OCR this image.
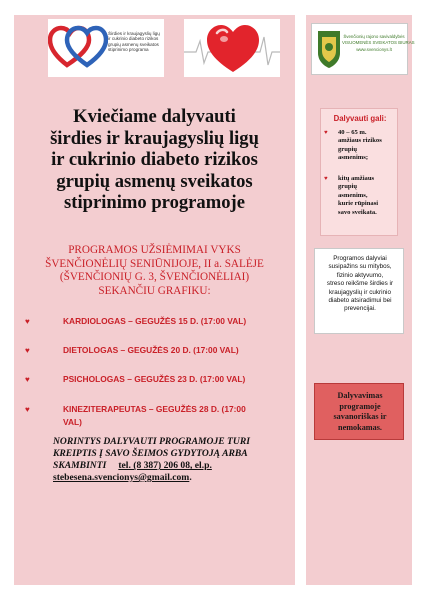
Širdies ir kraujagyslių ligų
ir cukrinio diabeto rizikos
grupių asmenų sveikatos
stiprinimo programa
Švenčionių rajono savivaldybės
VISUOMENĖS SVEIKATOS BIURAS
www.svencionys.lt
Kviečiame dalyvauti
širdies ir kraujagyslių ligų
ir cukrinio diabeto rizikos
grupių asmenų sveikatos
stiprinimo programoje
PROGRAMOS UŽSIĖMIMAI VYKS
ŠVENČIONĖLIŲ SENIŪNIJOJE, II a. SALĖJE
(ŠVENČIONIŲ G. 3, ŠVENČIONĖLIAI)
SEKANČIU GRAFIKU:
♥	KARDIOLOGAS – GEGUŽĖS 15 D. (17:00 VAL)
♥	DIETOLOGAS – GEGUŽĖS 20 D. (17:00 VAL)
♥	PSICHOLOGAS – GEGUŽĖS 23 D. (17:00 VAL)
♥	KINEZITERAPEUTAS – GEGUŽĖS 28 D. (17:00
VAL)
NORINTYS DALYVAUTI PROGRAMOJE TURI
KREIPTIS Į SAVO ŠEIMOS GYDYTOJĄ ARBA
SKAMBINTI tel. (8 387) 206 08, el.p.
stebesena.svencionys@gmail.com.
Dalyvauti gali:
♥ 40 – 65 m.
amžiaus rizikos
grupių
asmenims;
♥ kitų amžiaus
grupių
asmenims,
kurie rūpinasi
savo sveikata.
Programos dalyviai
susipažins su mitybos,
fizinio aktyvumo,
streso reikšme širdies ir
kraujagyslių ir cukrinio
diabeto atsiradimui bei
prevencijai.
Dalyvavimas
programoje
savanoriškas ir
nemokamas.
